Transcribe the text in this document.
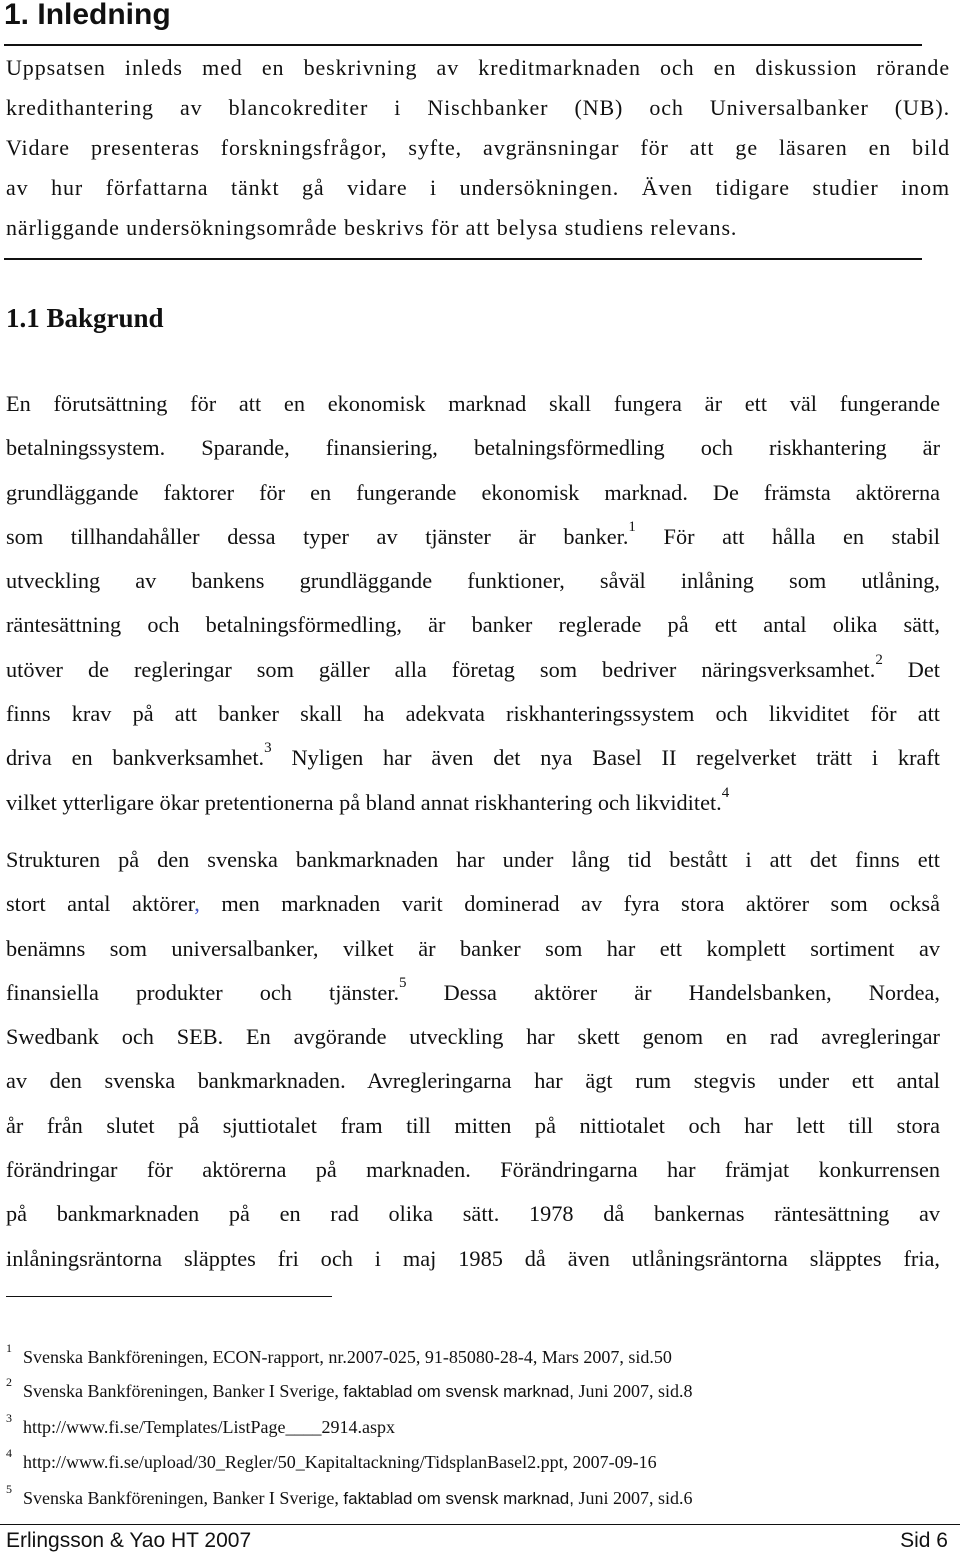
1. Inledning

Uppsatsen inleds med en beskrivning av kreditmarknaden och en diskussion rörande

kredithantering av blancokrediter i Nischbanker (NB) och Universalbanker (UB).

Vidare presenteras forskningsfrågor, syfte, avgränsningar för att ge läsaren en bild

av hur författarna tänkt gå vidare i undersökningen. Även tidigare studier inom

närliggande undersökningsområde beskrivs för att belysa studiens relevans.

1.1 Bakgrund
En förutsättning för att en ekonomisk marknad skall fungera är ett väl fungerande
betalningssystem. Sparande, finansiering, betalningsförmedling och riskhantering är
grundläggande faktorer för en fungerande ekonomisk marknad. De främsta aktörerna
som tillhandahåller dessa typer av tjänster är banker.$^1$ För att hålla en stabil
utveckling av bankens grundläggande funktioner, såväl inlåning som utlåning,
räntesättning och betalningsförmedling, är banker reglerade på ett antal olika sätt,
utöver de regleringar som gäller alla företag som bedriver näringsverksamhet.$^2$ Det
finns krav på att banker skall ha adekvata riskhanteringssystem och likviditet för att
driva en bankverksamhet.$^3$ Nyligen har även det nya Basel II regelverket trätt i kraft
vilket ytterligare ökar pretentionerna på bland annat riskhantering och likviditet.$^4$
Strukturen på den svenska bankmarknaden har under lång tid bestått i att det finns ett
stort antal aktörer, men marknaden varit dominerad av fyra stora aktörer som också
benämns som universalbanker, vilket är banker som har ett komplett sortiment av
finansiella produkter och tjänster.$^5$ Dessa aktörer är Handelsbanken, Nordea,
Swedbank och SEB. En avgörande utveckling har skett genom en rad avregleringar
av den svenska bankmarknaden. Avregleringarna har ägt rum stegvis under ett antal
år från slutet på sjuttiotalet fram till mitten på nittiotalet och har lett till stora
förändringar för aktörerna på marknaden. Förändringarna har främjat konkurrensen
på bankmarknaden på en rad olika sätt. 1978 då bankernas räntesättning av
inlåningsräntorna släpptes fri och i maj 1985 då även utlåningsräntorna släpptes fria,
1 Svenska Bankföreningen, ECON-rapport, nr.2007-025, 91-85080-28-4, Mars 2007, sid.50
2 Svenska Bankföreningen, Banker I Sverige, faktablad om svensk marknad, Juni 2007, sid.8
3 http://www.fi.se/Templates/ListPage____2914.aspx
4 http://www.fi.se/upload/30_Regler/50_Kapitaltackning/TidsplanBasel2.ppt, 2007-09-16
5 Svenska Bankföreningen, Banker I Sverige, faktablad om svensk marknad, Juni 2007, sid.6
Erlingsson & Yao HT 2007	Sid 6
